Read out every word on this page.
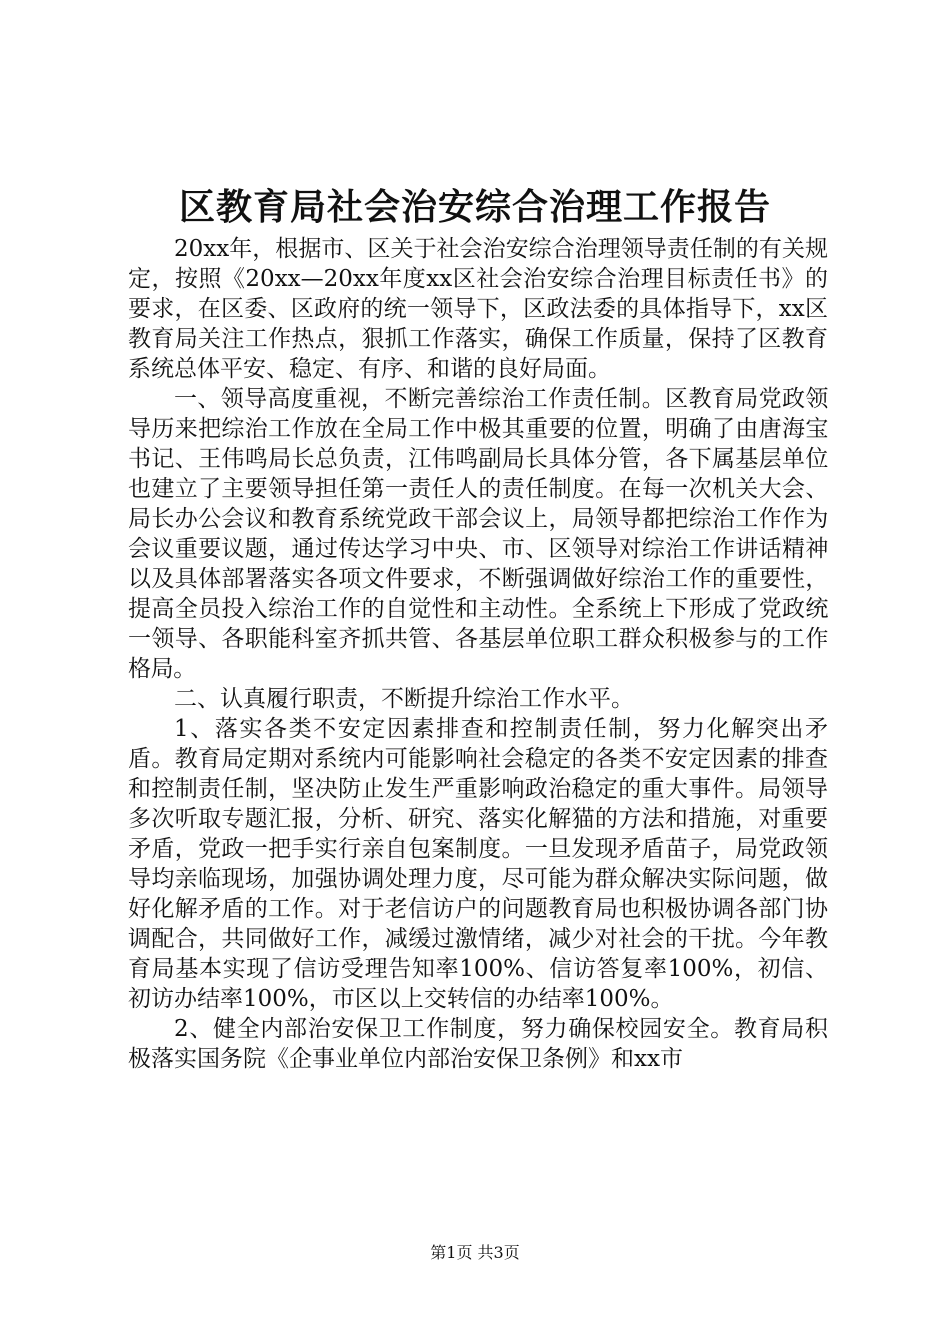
区教育局社会治安综合治理工作报告

20xx年，根据市、区关于社会治安综合治理领导责任制的有关规定，按照《20xx—20xx年度xx区社会治安综合治理目标责任书》的要求，在区委、区政府的统一领导下，区政法委的具体指导下，xx区教育局关注工作热点，狠抓工作落实，确保工作质量，保持了区教育系统总体平安、稳定、有序、和谐的良好局面。

一、领导高度重视，不断完善综治工作责任制。区教育局党政领导历来把综治工作放在全局工作中极其重要的位置，明确了由唐海宝书记、王伟鸣局长总负责，江伟鸣副局长具体分管，各下属基层单位也建立了主要领导担任第一责任人的责任制度。在每一次机关大会、局长办公会议和教育系统党政干部会议上，局领导都把综治工作作为会议重要议题，通过传达学习中央、市、区领导对综治工作讲话精神以及具体部署落实各项文件要求，不断强调做好综治工作的重要性，提高全员投入综治工作的自觉性和主动性。全系统上下形成了党政统一领导、各职能科室齐抓共管、各基层单位职工群众积极参与的工作格局。

二、认真履行职责，不断提升综治工作水平。

1、落实各类不安定因素排查和控制责任制，努力化解突出矛盾。教育局定期对系统内可能影响社会稳定的各类不安定因素的排查和控制责任制，坚决防止发生严重影响政治稳定的重大事件。局领导多次听取专题汇报，分析、研究、落实化解猫的方法和措施，对重要矛盾，党政一把手实行亲自包案制度。一旦发现矛盾苗子，局党政领导均亲临现场，加强协调处理力度，尽可能为群众解决实际问题，做好化解矛盾的工作。对于老信访户的问题教育局也积极协调各部门协调配合，共同做好工作，减缓过激情绪，减少对社会的干扰。今年教育局基本实现了信访受理告知率100%、信访答复率100%，初信、初访办结率100%，市区以上交转信的办结率100%。

2、健全内部治安保卫工作制度，努力确保校园安全。教育局积极落实国务院《企事业单位内部治安保卫条例》和xx市

第1页 共3页
